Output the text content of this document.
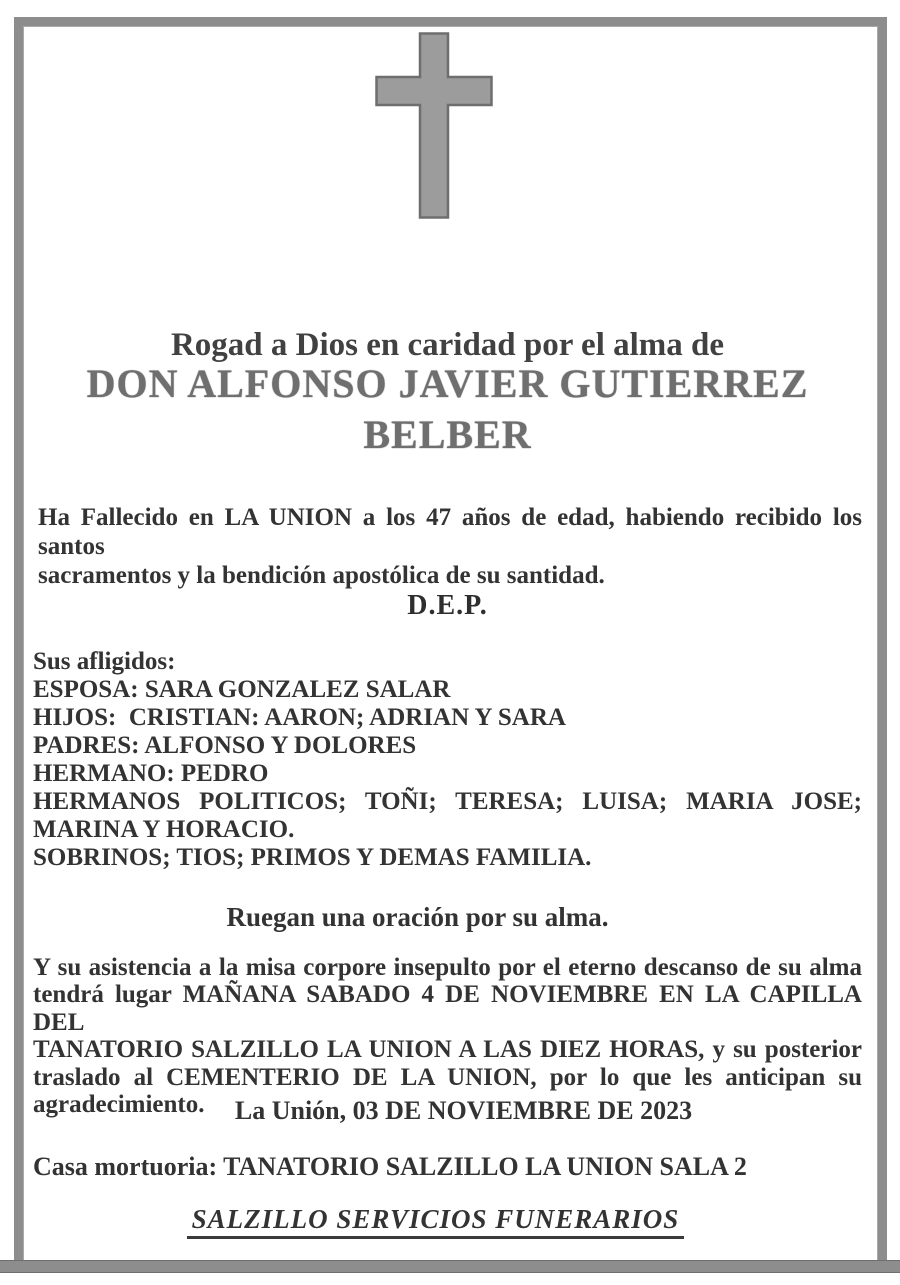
Rogad a Dios en caridad por el alma de
DON ALFONSO JAVIER GUTIERREZ
BELBER
Ha Fallecido en LA UNION a los 47 años de edad, habiendo recibido los santos
sacramentos y la bendición apostólica de su santidad.
D.E.P.
Sus afligidos:
ESPOSA: SARA GONZALEZ SALAR
HIJOS:  CRISTIAN: AARON; ADRIAN Y SARA
PADRES: ALFONSO Y DOLORES
HERMANO: PEDRO
HERMANOS POLITICOS; TOÑI; TERESA; LUISA; MARIA JOSE;
MARINA Y HORACIO.
SOBRINOS; TIOS; PRIMOS Y DEMAS FAMILIA.
Ruegan una oración por su alma.
Y su asistencia a la misa corpore insepulto por el eterno descanso de su alma
tendrá lugar MAÑANA SABADO 4 DE NOVIEMBRE EN LA CAPILLA DEL
TANATORIO SALZILLO LA UNION A LAS DIEZ HORAS, y su posterior
traslado al CEMENTERIO DE LA UNION, por lo que les anticipan su
agradecimiento.	La Unión, 03 DE NOVIEMBRE DE 2023
Casa mortuoria: TANATORIO SALZILLO LA UNION SALA 2
SALZILLO SERVICIOS FUNERARIOS
